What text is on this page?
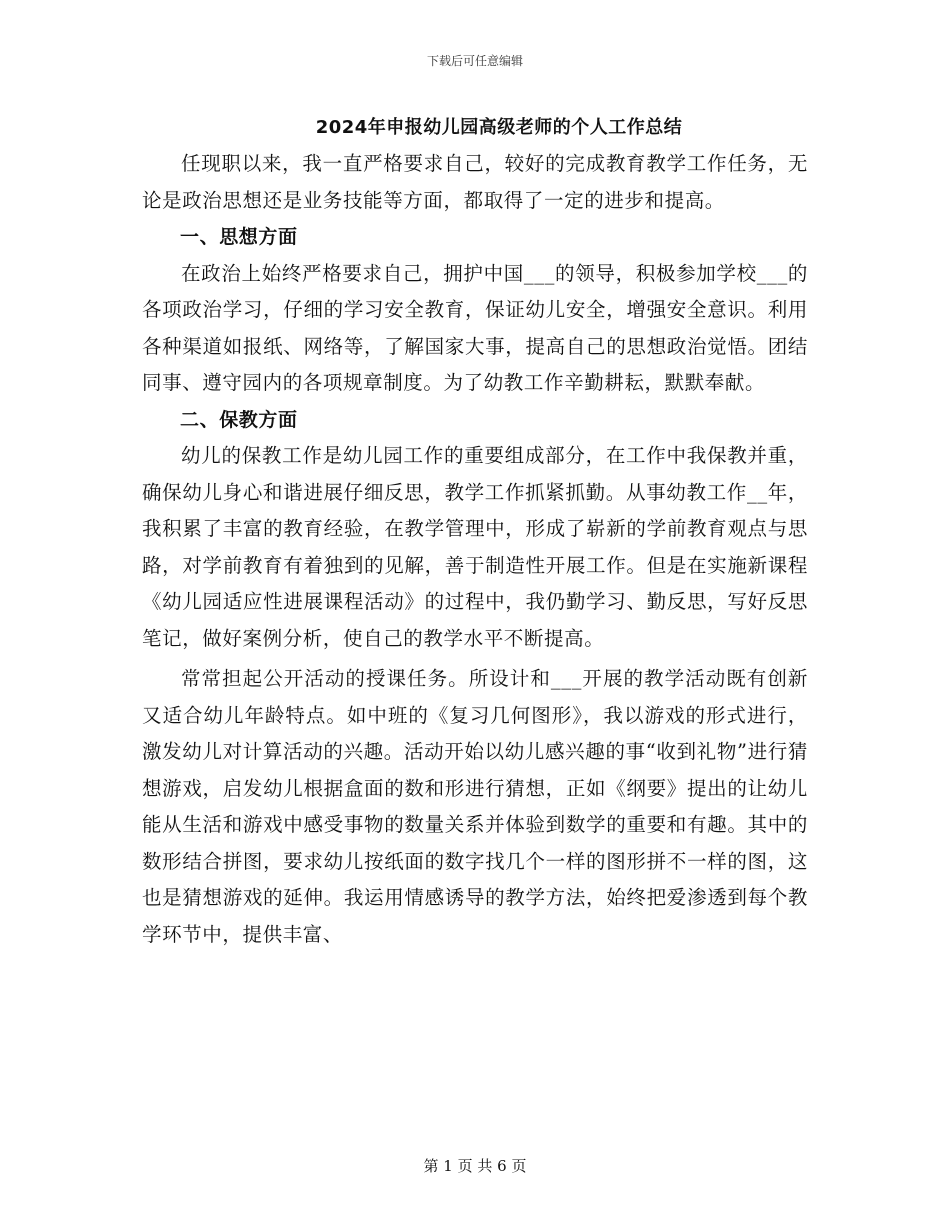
下载后可任意编辑
2024年申报幼儿园高级老师的个人工作总结

任现职以来，我一直严格要求自己，较好的完成教育教学工作任务，无论是政治思想还是业务技能等方面，都取得了一定的进步和提高。

一、思想方面

在政治上始终严格要求自己，拥护中国___的领导，积极参加学校___的各项政治学习，仔细的学习安全教育，保证幼儿安全，增强安全意识。利用各种渠道如报纸、网络等，了解国家大事，提高自己的思想政治觉悟。团结同事、遵守园内的各项规章制度。为了幼教工作辛勤耕耘，默默奉献。

二、保教方面

幼儿的保教工作是幼儿园工作的重要组成部分，在工作中我保教并重，确保幼儿身心和谐进展仔细反思，教学工作抓紧抓勤。从事幼教工作__年，我积累了丰富的教育经验，在教学管理中，形成了崭新的学前教育观点与思路，对学前教育有着独到的见解，善于制造性开展工作。但是在实施新课程《幼儿园适应性进展课程活动》的过程中，我仍勤学习、勤反思，写好反思笔记，做好案例分析，使自己的教学水平不断提高。

常常担起公开活动的授课任务。所设计和___开展的教学活动既有创新又适合幼儿年龄特点。如中班的《复习几何图形》，我以游戏的形式进行，激发幼儿对计算活动的兴趣。活动开始以幼儿感兴趣的事“收到礼物”进行猜想游戏，启发幼儿根据盒面的数和形进行猜想，正如《纲要》提出的让幼儿能从生活和游戏中感受事物的数量关系并体验到数学的重要和有趣。其中的数形结合拼图，要求幼儿按纸面的数字找几个一样的图形拼不一样的图，这也是猜想游戏的延伸。我运用情感诱导的教学方法，始终把爱渗透到每个教学环节中，提供丰富、

第 1 页 共 6 页
